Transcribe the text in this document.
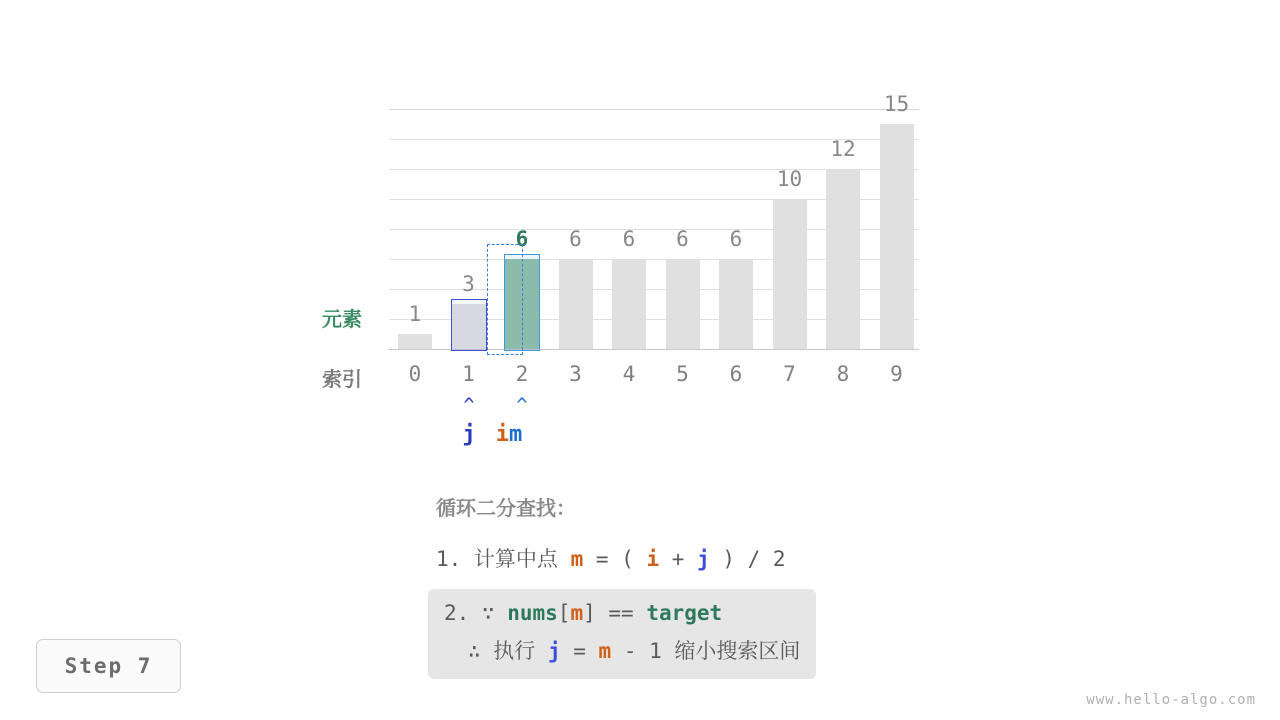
1
3
6	6	6	6	6
10
12
15
元素
索引	0	1	2	3	4	5	6	7	8	9
^	^
j i m
循环二分查找：
1. 计算中点 m = ( i + j ) / 2
2. ∵ nums[m] == target
∴ 执行 j = m - 1 缩小搜索区间
Step 7
www.hello-algo.com
